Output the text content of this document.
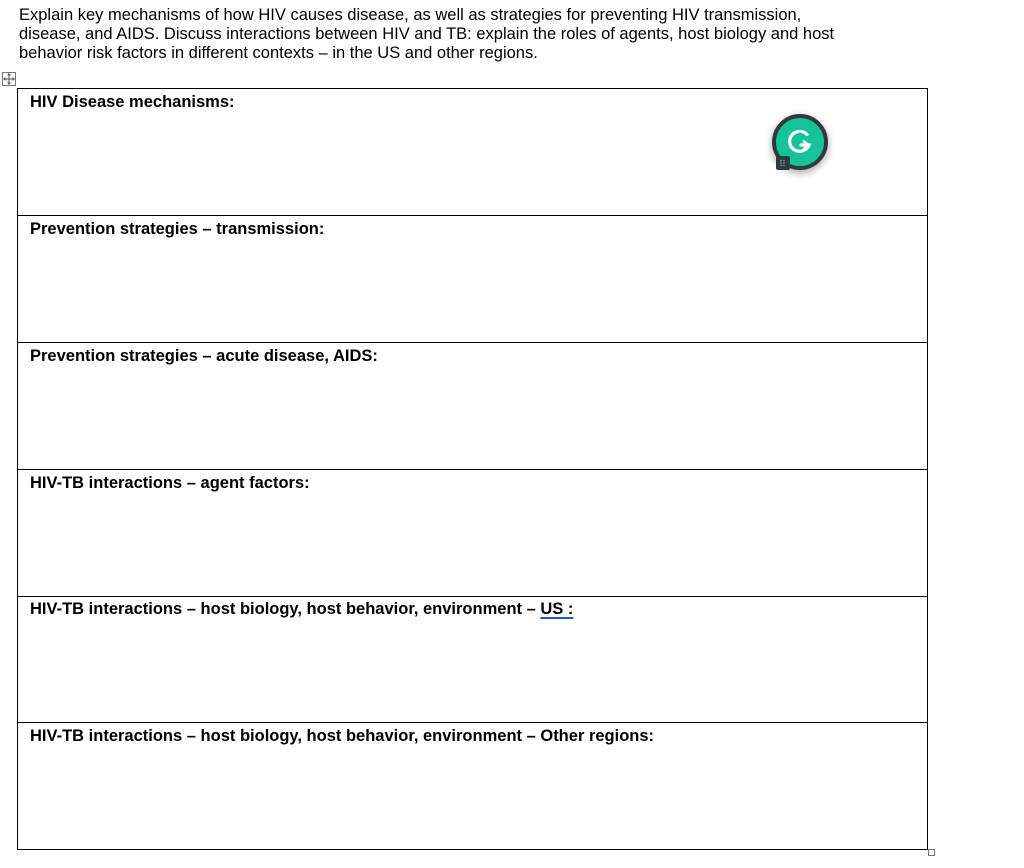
Explain key mechanisms of how HIV causes disease, as well as strategies for preventing HIV transmission,
disease, and AIDS. Discuss interactions between HIV and TB: explain the roles of agents, host biology and host
behavior risk factors in different contexts – in the US and other regions.

HIV Disease mechanisms:
Prevention strategies – transmission:
Prevention strategies – acute disease, AIDS:
HIV-TB interactions – agent factors:
HIV-TB interactions – host biology, host behavior, environment – US :
HIV-TB interactions – host biology, host behavior, environment – Other regions:
